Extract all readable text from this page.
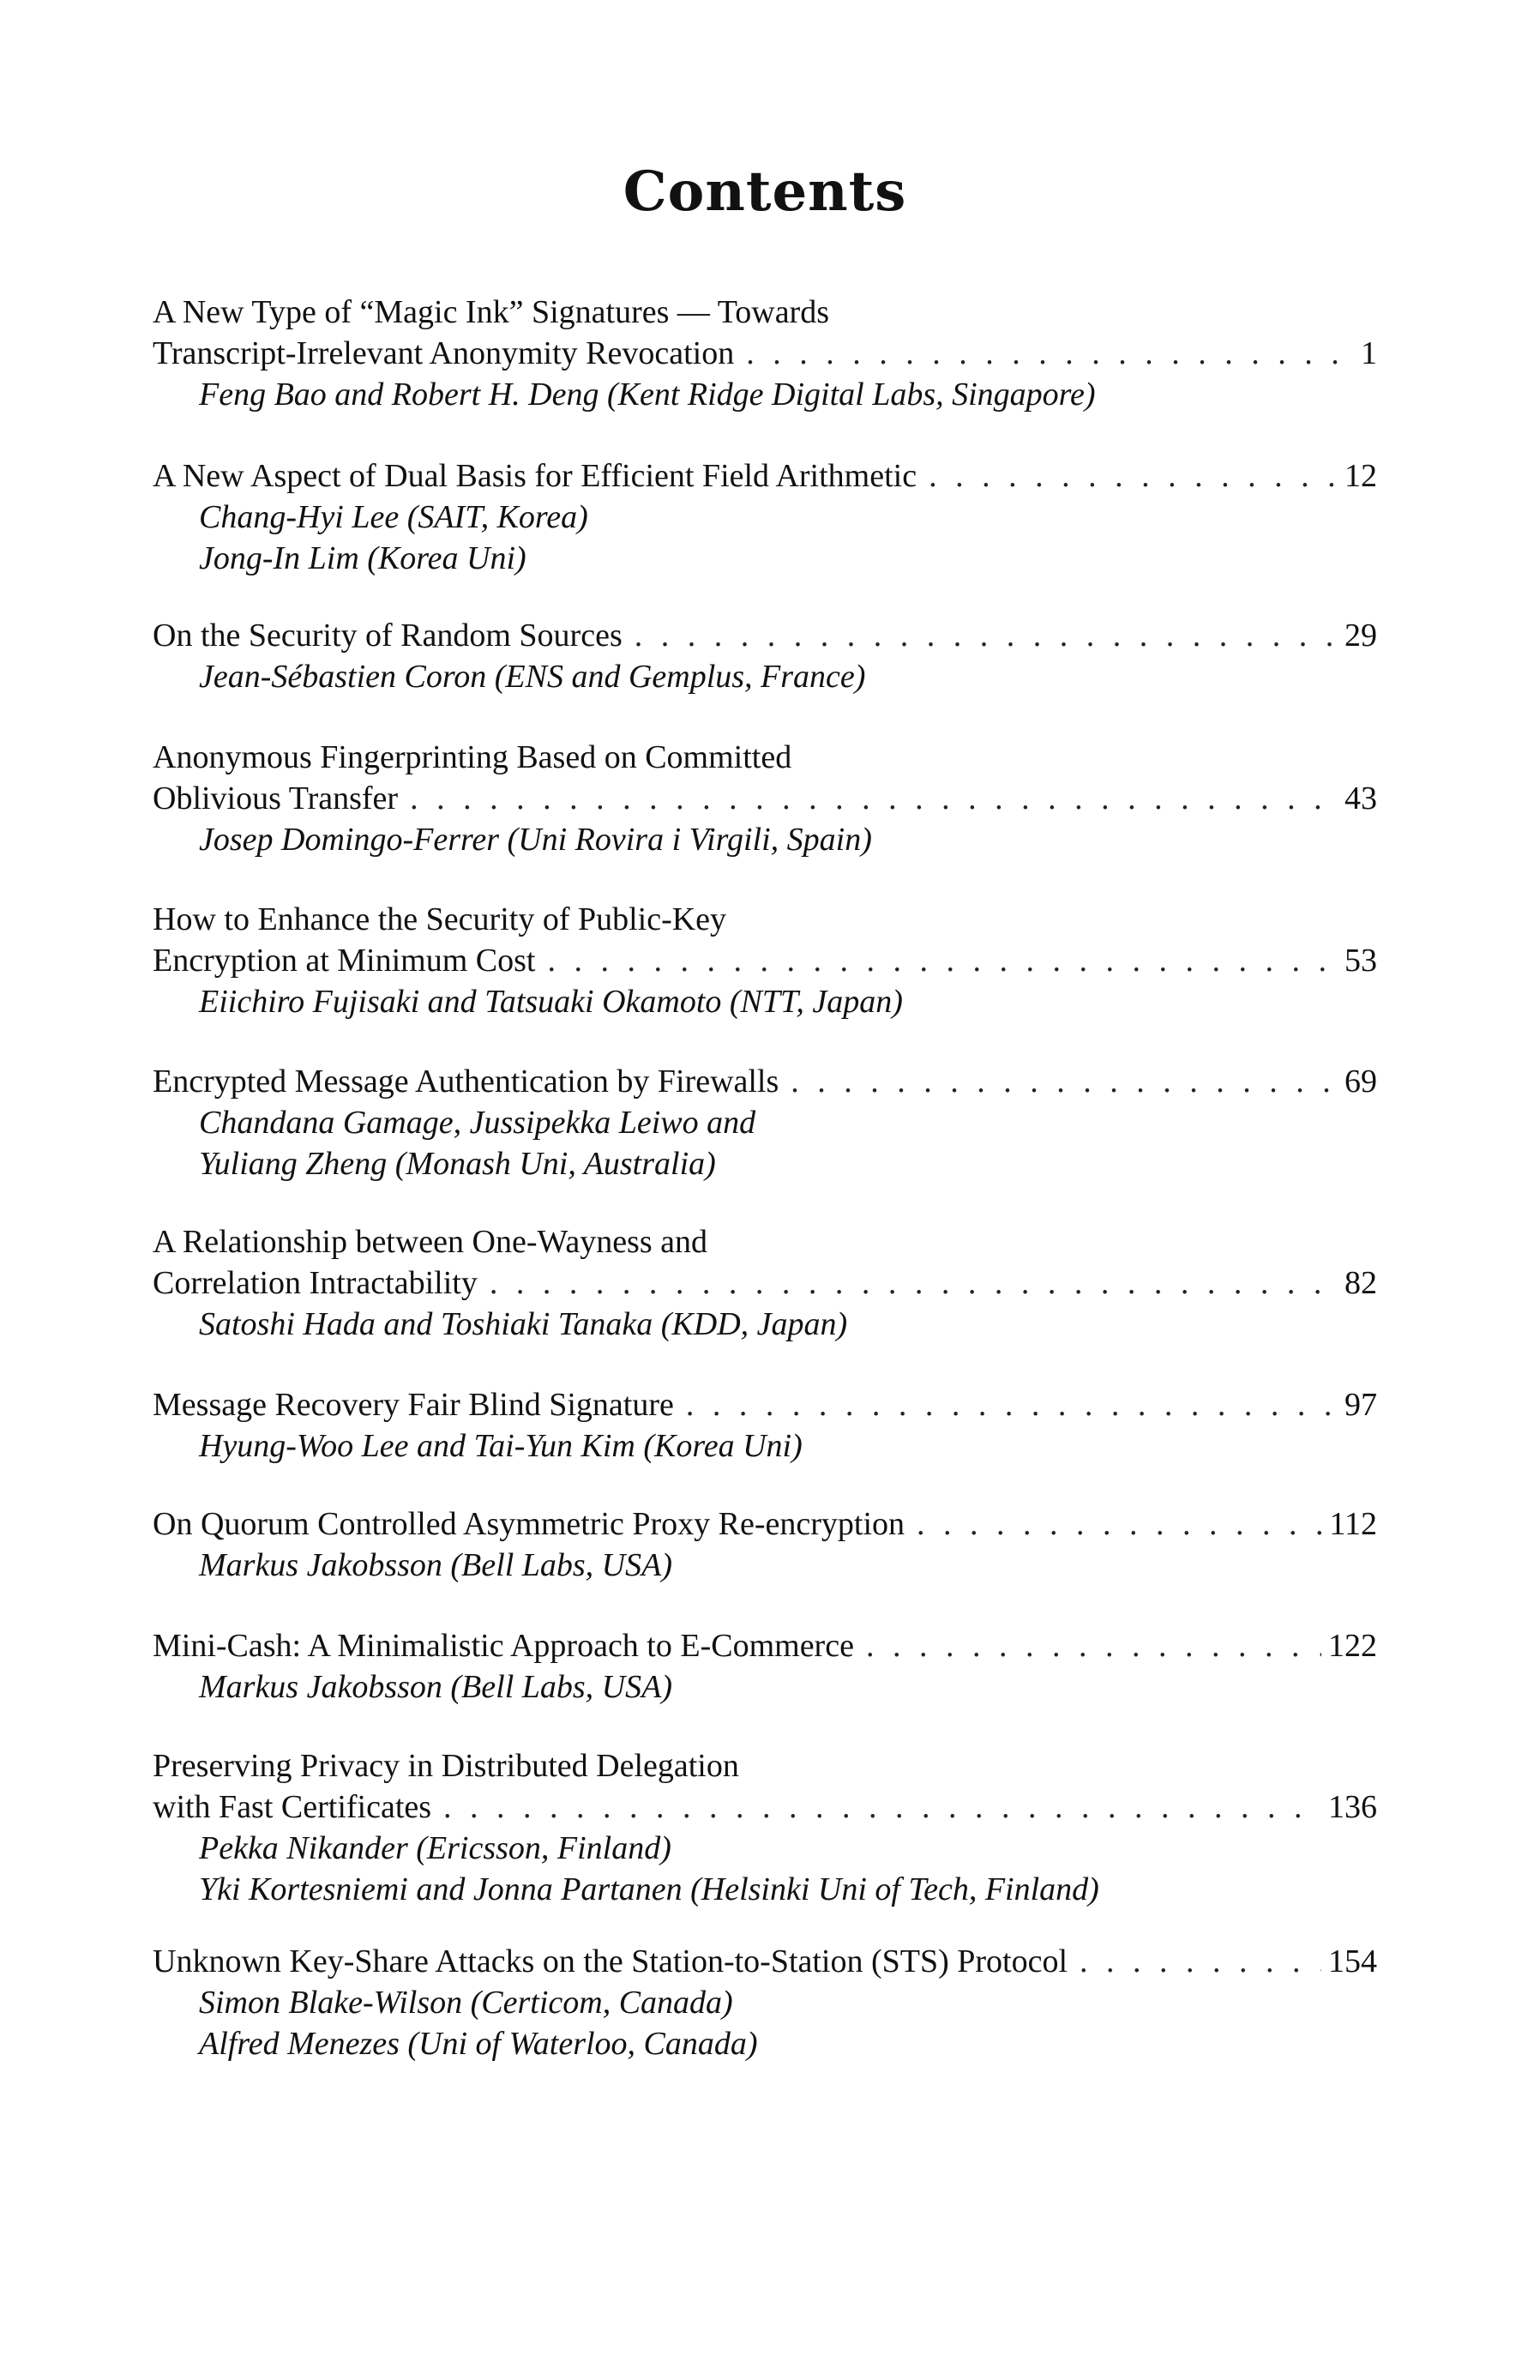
Contents
A New Type of “Magic Ink” Signatures — Towards
Transcript-Irrelevant Anonymity Revocation . . .	1
Feng Bao and Robert H. Deng (Kent Ridge Digital Labs, Singapore)
A New Aspect of Dual Basis for Efficient Field Arithmetic . . .	12
Chang-Hyi Lee (SAIT, Korea)
Jong-In Lim (Korea Uni)
On the Security of Random Sources . . .	29
Jean-Sébastien Coron (ENS and Gemplus, France)
Anonymous Fingerprinting Based on Committed
Oblivious Transfer . . .	43
Josep Domingo-Ferrer (Uni Rovira i Virgili, Spain)
How to Enhance the Security of Public-Key
Encryption at Minimum Cost . . .	53
Eiichiro Fujisaki and Tatsuaki Okamoto (NTT, Japan)
Encrypted Message Authentication by Firewalls . . .	69
Chandana Gamage, Jussipekka Leiwo and
Yuliang Zheng (Monash Uni, Australia)
A Relationship between One-Wayness and
Correlation Intractability . . .	82
Satoshi Hada and Toshiaki Tanaka (KDD, Japan)
Message Recovery Fair Blind Signature . . .	97
Hyung-Woo Lee and Tai-Yun Kim (Korea Uni)
On Quorum Controlled Asymmetric Proxy Re-encryption . . .	112
Markus Jakobsson (Bell Labs, USA)
Mini-Cash: A Minimalistic Approach to E-Commerce . . .	122
Markus Jakobsson (Bell Labs, USA)
Preserving Privacy in Distributed Delegation
with Fast Certificates . . .	136
Pekka Nikander (Ericsson, Finland)
Yki Kortesniemi and Jonna Partanen (Helsinki Uni of Tech, Finland)
Unknown Key-Share Attacks on the Station-to-Station (STS) Protocol . . .	154
Simon Blake-Wilson (Certicom, Canada)
Alfred Menezes (Uni of Waterloo, Canada)
